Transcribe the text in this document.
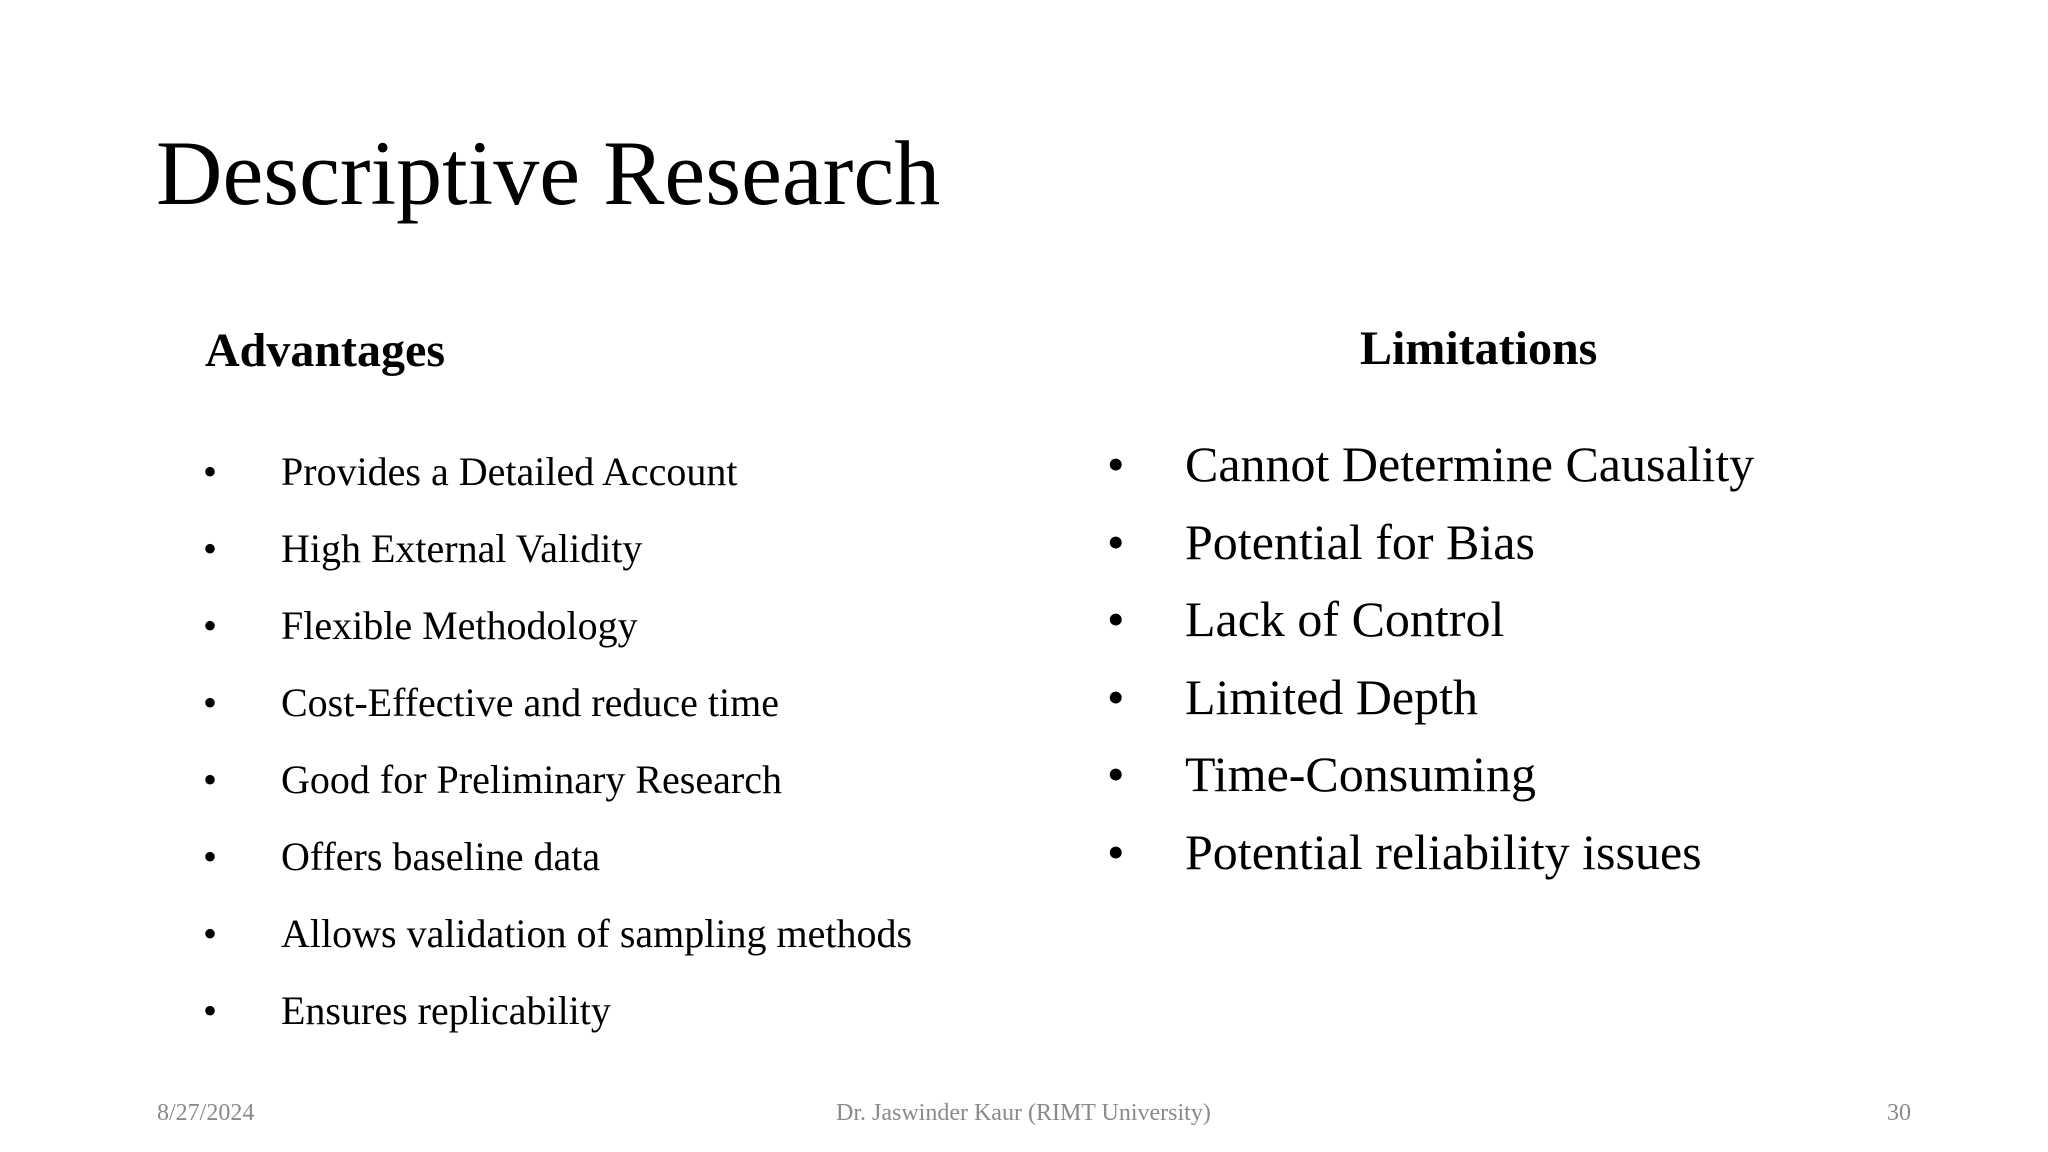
Descriptive Research
Advantages
• Provides a Detailed Account
• High External Validity
• Flexible Methodology
• Cost-Effective and reduce time
• Good for Preliminary Research
• Offers baseline data
• Allows validation of sampling methods
• Ensures replicability
Limitations
• Cannot Determine Causality
• Potential for Bias
• Lack of Control
• Limited Depth
• Time-Consuming
• Potential reliability issues
8/27/2024	Dr. Jaswinder Kaur (RIMT University)	30
